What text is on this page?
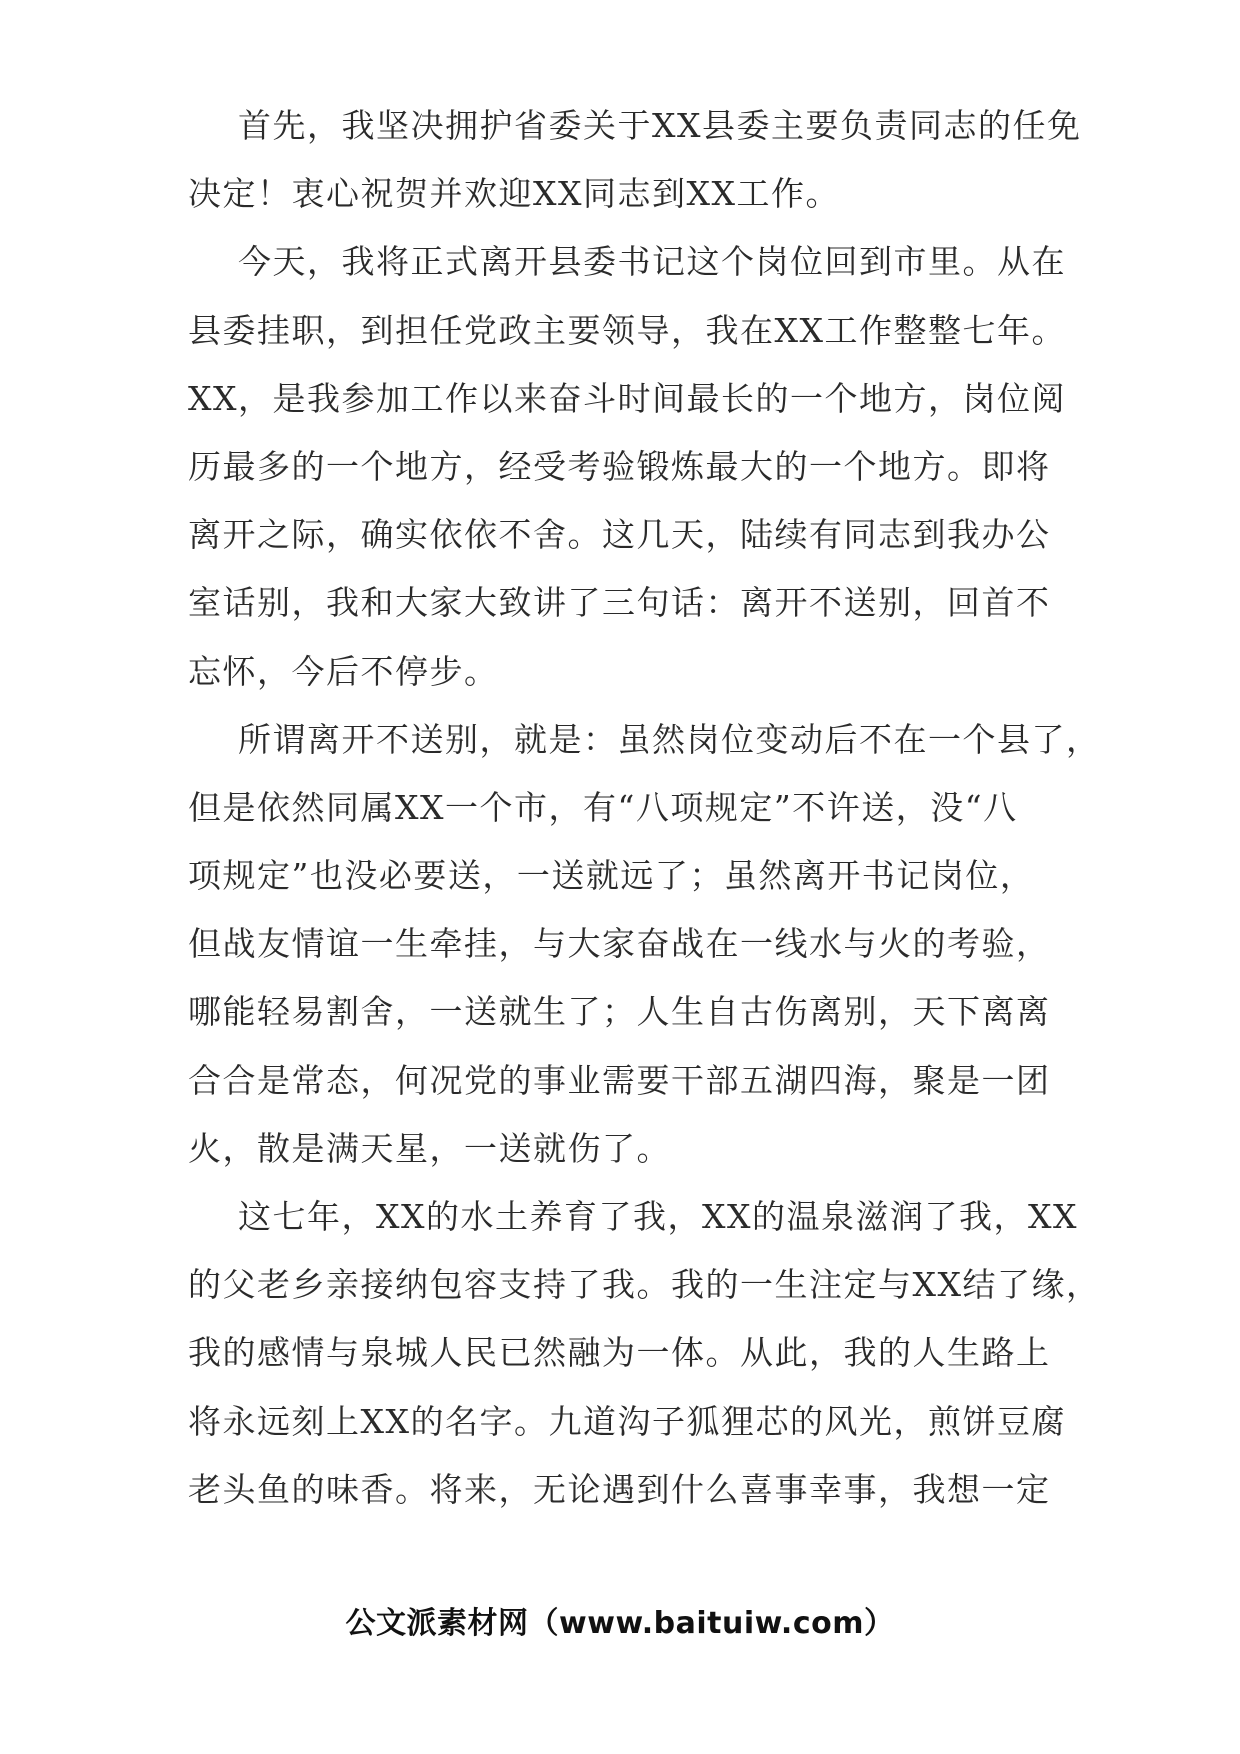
首先，我坚决拥护省委关于XX县委主要负责同志的任免
决定！衷心祝贺并欢迎XX同志到XX工作。
今天，我将正式离开县委书记这个岗位回到市里。从在
县委挂职，到担任党政主要领导，我在XX工作整整七年。
XX，是我参加工作以来奋斗时间最长的一个地方，岗位阅
历最多的一个地方，经受考验锻炼最大的一个地方。即将
离开之际，确实依依不舍。这几天，陆续有同志到我办公
室话别，我和大家大致讲了三句话：离开不送别，回首不
忘怀，今后不停步。
所谓离开不送别，就是：虽然岗位变动后不在一个县了，
但是依然同属XX一个市，有“八项规定”不许送，没“八
项规定”也没必要送，一送就远了；虽然离开书记岗位，
但战友情谊一生牵挂，与大家奋战在一线水与火的考验，
哪能轻易割舍，一送就生了；人生自古伤离别，天下离离
合合是常态，何况党的事业需要干部五湖四海，聚是一团
火，散是满天星，一送就伤了。
这七年，XX的水土养育了我，XX的温泉滋润了我，XX
的父老乡亲接纳包容支持了我。我的一生注定与XX结了缘，
我的感情与泉城人民已然融为一体。从此，我的人生路上
将永远刻上XX的名字。九道沟子狐狸芯的风光，煎饼豆腐
老头鱼的味香。将来，无论遇到什么喜事幸事，我想一定
公文派素材网（www.baituiw.com）
